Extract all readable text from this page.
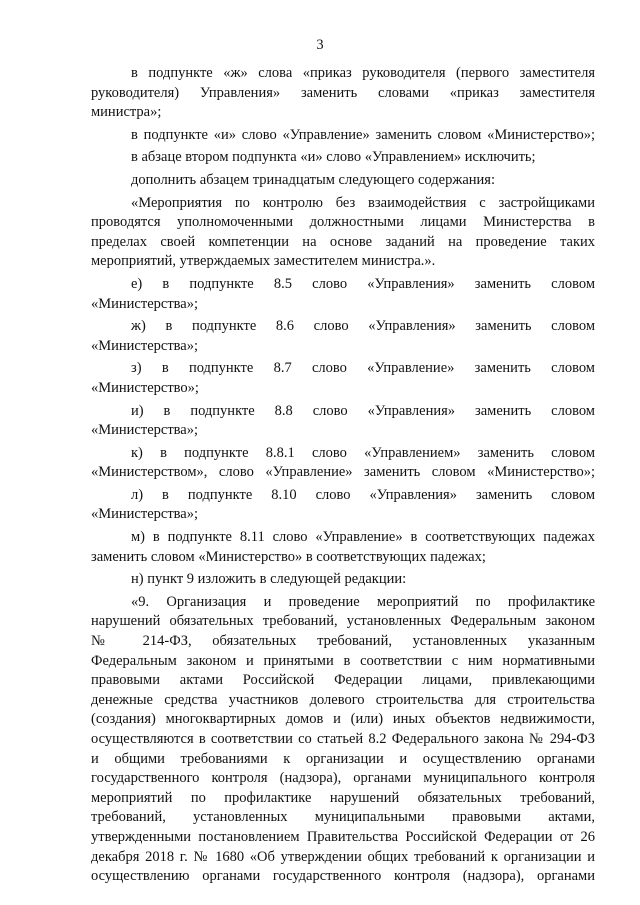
3
в подпункте «ж» слова «приказ руководителя (первого заместителя
руководителя) Управления» заменить словами «приказ заместителя
министра»;
в подпункте «и» слово «Управление» заменить словом «Министерство»;
в абзаце втором подпункта «и» слово «Управлением» исключить;
дополнить абзацем тринадцатым следующего содержания:
«Мероприятия по контролю без взаимодействия с застройщиками
проводятся уполномоченными должностными лицами Министерства в
пределах своей компетенции на основе заданий на проведение таких
мероприятий, утверждаемых заместителем министра.».
е) в подпункте 8.5 слово «Управления» заменить словом
«Министерства»;
ж) в подпункте 8.6 слово «Управления» заменить словом
«Министерства»;
з) в подпункте 8.7 слово «Управление» заменить словом
«Министерство»;
и) в подпункте 8.8 слово «Управления» заменить словом
«Министерства»;
к) в подпункте 8.8.1 слово «Управлением» заменить словом
«Министерством», слово «Управление» заменить словом «Министерство»;
л) в подпункте 8.10 слово «Управления» заменить словом
«Министерства»;
м) в подпункте 8.11 слово «Управление» в соответствующих падежах
заменить словом «Министерство» в соответствующих падежах;
н) пункт 9 изложить в следующей редакции:
«9. Организация и проведение мероприятий по профилактике
нарушений обязательных требований, установленных Федеральным законом
№ 214-ФЗ, обязательных требований, установленных указанным
Федеральным законом и принятыми в соответствии с ним нормативными
правовыми актами Российской Федерации лицами, привлекающими
денежные средства участников долевого строительства для строительства
(создания) многоквартирных домов и (или) иных объектов недвижимости,
осуществляются в соответствии со статьей 8.2 Федерального закона № 294-ФЗ
и общими требованиями к организации и осуществлению органами
государственного контроля (надзора), органами муниципального контроля
мероприятий по профилактике нарушений обязательных требований,
требований, установленных муниципальными правовыми актами,
утвержденными постановлением Правительства Российской Федерации от 26
декабря 2018 г. № 1680 «Об утверждении общих требований к организации и
осуществлению органами государственного контроля (надзора), органами
